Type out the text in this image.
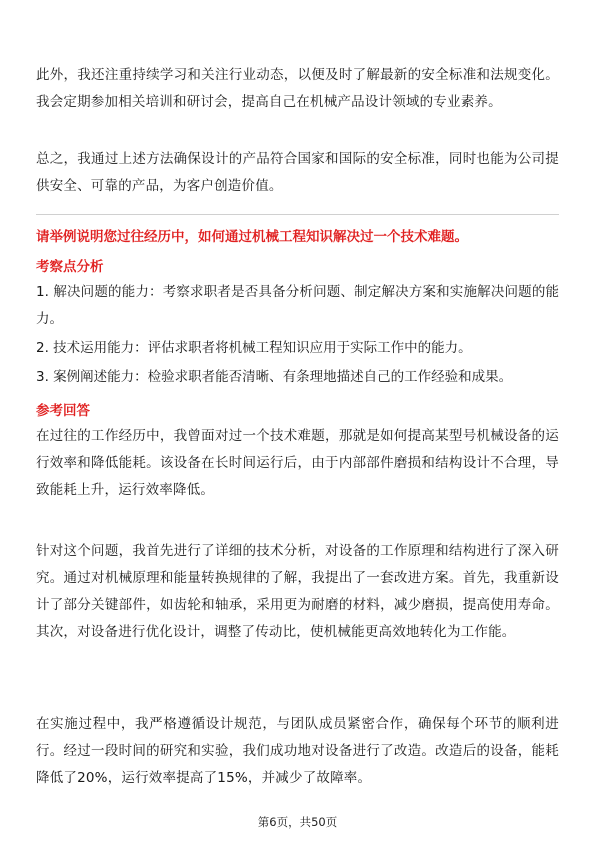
此外，我还注重持续学习和关注行业动态，以便及时了解最新的安全标准和法规变化。我会定期参加相关培训和研讨会，提高自己在机械产品设计领域的专业素养。

总之，我通过上述方法确保设计的产品符合国家和国际的安全标准，同时也能为公司提供安全、可靠的产品，为客户创造价值。

请举例说明您过往经历中，如何通过机械工程知识解决过一个技术难题。
考察点分析
1. 解决问题的能力：考察求职者是否具备分析问题、制定解决方案和实施解决问题的能力。
2. 技术运用能力：评估求职者将机械工程知识应用于实际工作中的能力。
3. 案例阐述能力：检验求职者能否清晰、有条理地描述自己的工作经验和成果。
参考回答

在过往的工作经历中，我曾面对过一个技术难题，那就是如何提高某型号机械设备的运行效率和降低能耗。该设备在长时间运行后，由于内部部件磨损和结构设计不合理，导致能耗上升，运行效率降低。

针对这个问题，我首先进行了详细的技术分析，对设备的工作原理和结构进行了深入研究。通过对机械原理和能量转换规律的了解，我提出了一套改进方案。首先，我重新设计了部分关键部件，如齿轮和轴承，采用更为耐磨的材料，减少磨损，提高使用寿命。其次，对设备进行优化设计，调整了传动比，使机械能更高效地转化为工作能。

在实施过程中，我严格遵循设计规范，与团队成员紧密合作，确保每个环节的顺利进行。经过一段时间的研究和实验，我们成功地对设备进行了改造。改造后的设备，能耗降低了20%，运行效率提高了15%，并减少了故障率。

第6页，共50页
